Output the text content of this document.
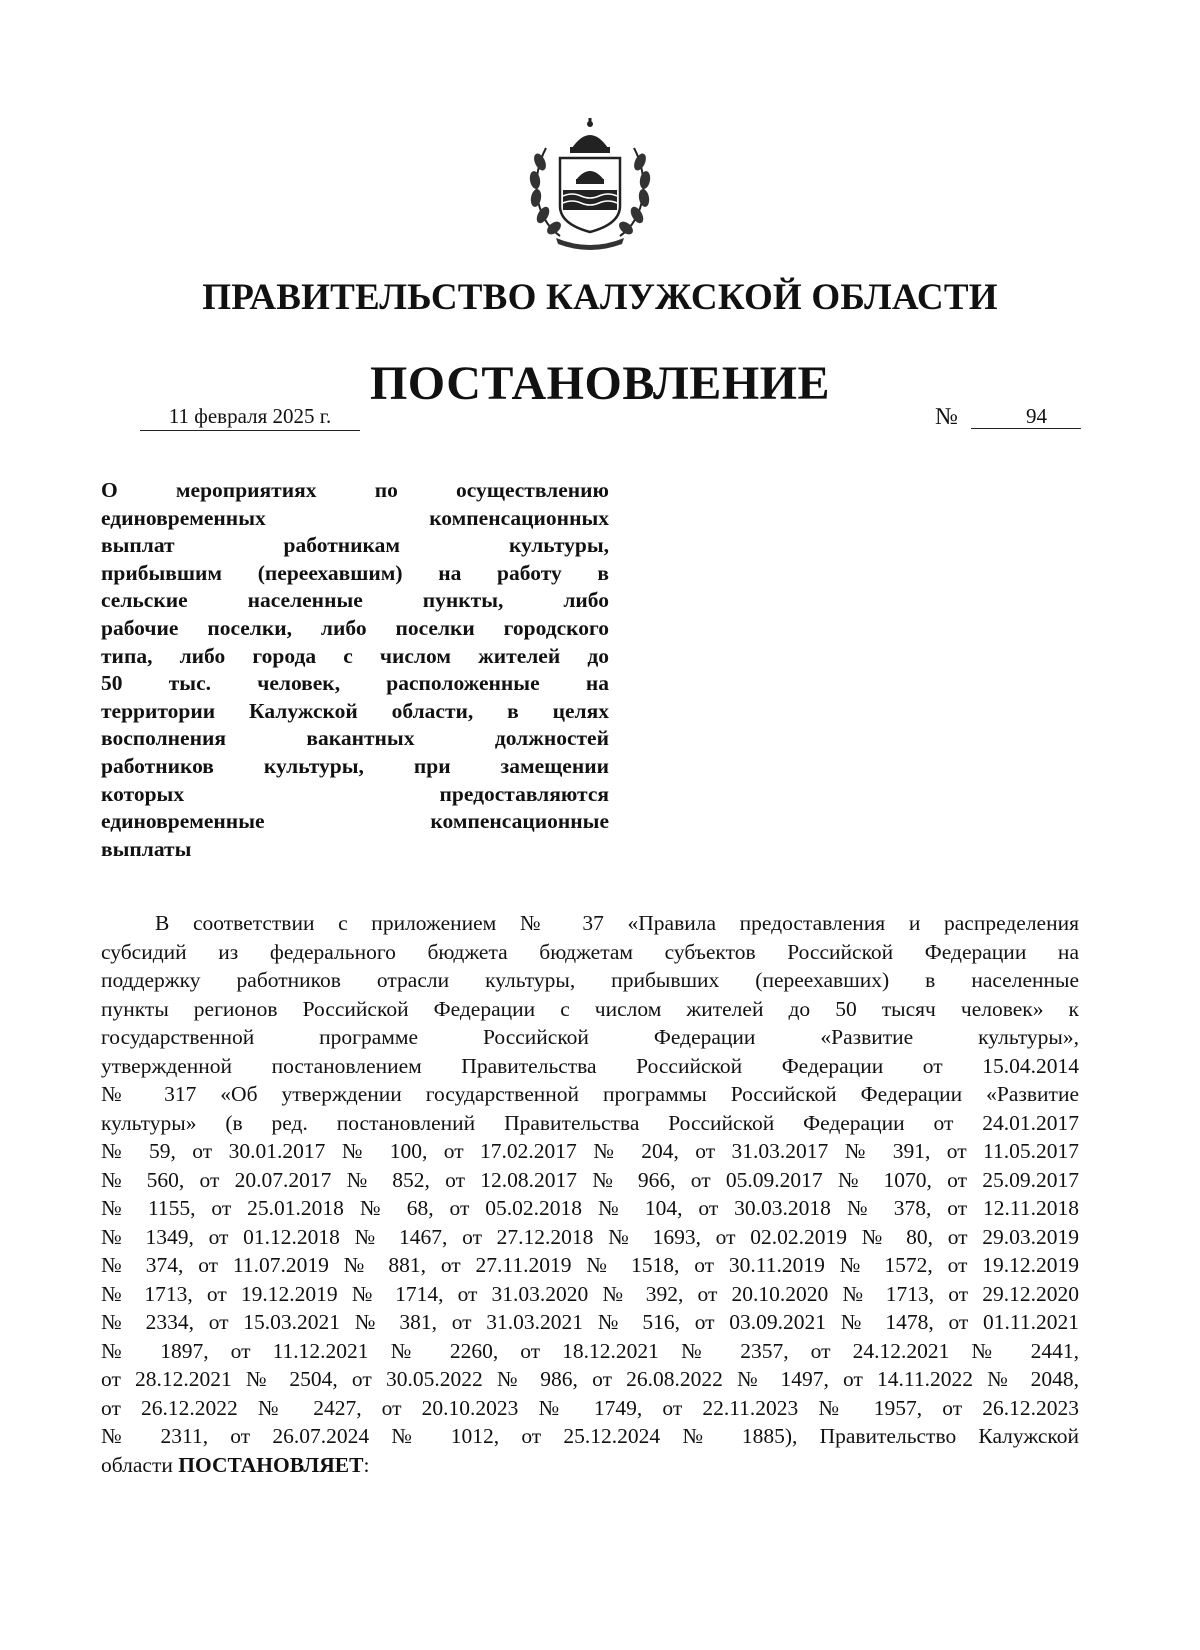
ПРАВИТЕЛЬСТВО КАЛУЖСКОЙ ОБЛАСТИ
ПОСТАНОВЛЕНИЕ
11 февраля 2025 г.	№	94
О мероприятиях по осуществлению
единовременных компенсационных
выплат работникам культуры,
прибывшим (переехавшим) на работу в
сельские населенные пункты, либо
рабочие поселки, либо поселки городского
типа, либо города с числом жителей до
50 тыс. человек, расположенные на
территории Калужской области, в целях
восполнения вакантных должностей
работников культуры, при замещении
которых предоставляются
единовременные компенсационные
выплаты
В соответствии с приложением № 37 «Правила предоставления и распределения
субсидий из федерального бюджета бюджетам субъектов Российской Федерации на
поддержку работников отрасли культуры, прибывших (переехавших) в населенные
пункты регионов Российской Федерации с числом жителей до 50 тысяч человек» к
государственной программе Российской Федерации «Развитие культуры»,
утвержденной постановлением Правительства Российской Федерации от 15.04.2014
№ 317 «Об утверждении государственной программы Российской Федерации «Развитие
культуры» (в ред. постановлений Правительства Российской Федерации от 24.01.2017
№ 59, от 30.01.2017 № 100, от 17.02.2017 № 204, от 31.03.2017 № 391, от 11.05.2017
№ 560, от 20.07.2017 № 852, от 12.08.2017 № 966, от 05.09.2017 № 1070, от 25.09.2017
№ 1155, от 25.01.2018 № 68, от 05.02.2018 № 104, от 30.03.2018 № 378, от 12.11.2018
№ 1349, от 01.12.2018 № 1467, от 27.12.2018 № 1693, от 02.02.2019 № 80, от 29.03.2019
№ 374, от 11.07.2019 № 881, от 27.11.2019 № 1518, от 30.11.2019 № 1572, от 19.12.2019
№ 1713, от 19.12.2019 № 1714, от 31.03.2020 № 392, от 20.10.2020 № 1713, от 29.12.2020
№ 2334, от 15.03.2021 № 381, от 31.03.2021 № 516, от 03.09.2021 № 1478, от 01.11.2021
№ 1897, от 11.12.2021 № 2260, от 18.12.2021 № 2357, от 24.12.2021 № 2441,
от 28.12.2021 № 2504, от 30.05.2022 № 986, от 26.08.2022 № 1497, от 14.11.2022 № 2048,
от 26.12.2022 № 2427, от 20.10.2023 № 1749, от 22.11.2023 № 1957, от 26.12.2023
№ 2311, от 26.07.2024 № 1012, от 25.12.2024 № 1885), Правительство Калужской
области ПОСТАНОВЛЯЕТ:
